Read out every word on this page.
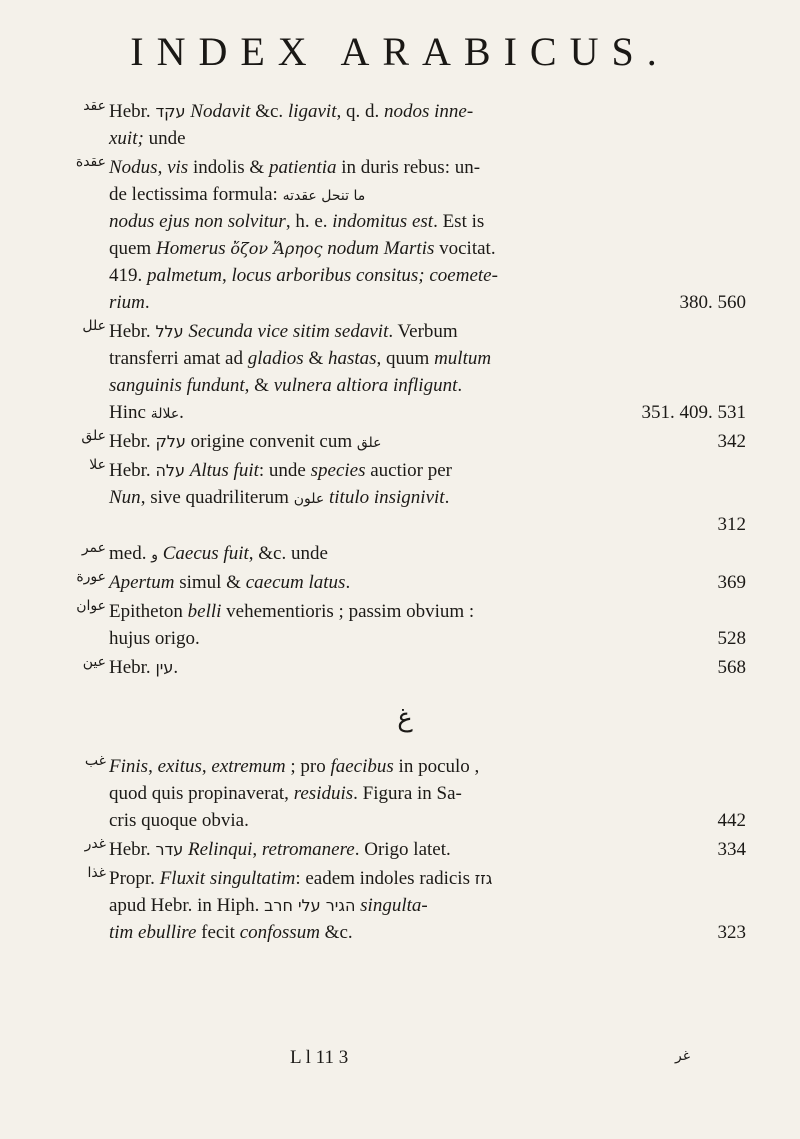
INDEX ARABICUS.
عقد Hebr. עקד Nodavit &c. ligavit, q. d. nodos inne-
xuit; unde
عقدة Nodus, vis indolis & patientia in duris rebus: un-
de lectissima formula: ما تنحل عقدته
nodus ejus non solvitur, h. e. indomitus est. Est is
quem Homerus ὄζον Ἄρηος nodum Martis vocitat.
419. palmetum, locus arboribus consitus; coemete-
rium.	380. 560
علل Hebr. עלל Secunda vice sitim sedavit. Verbum
transferri amat ad gladios & hastas, quum multum
sanguinis fundunt, & vulnera altiora infligunt.
Hinc علالة.	351. 409. 531
علق Hebr. עלק origine convenit cum علق	342
علا Hebr. עלה Altus fuit: unde species auctior per
Nun, sive quadriliterum علون titulo insignivit.
312
عمر med. و Caecus fuit, &c. unde
عورة Apertum simul & caecum latus.	369
عوان Epitheton belli vehementioris ; passim obvium :
hujus origo.	528
عين Hebr. עין.	568
غ
غب Finis, exitus, extremum ; pro faecibus in poculo ,
quod quis propinaverat, residuis. Figura in Sa-
cris quoque obvia.	442
غدر Hebr. עדר Relinqui, retromanere. Origo latet.	334
غذا Propr. Fluxit singultatim: eadem indoles radicis גזז
apud Hebr. in Hiph. הגיר עלי חרב singulta-
tim ebullire fecit confossum &c.	323
L l 11 3	غر
